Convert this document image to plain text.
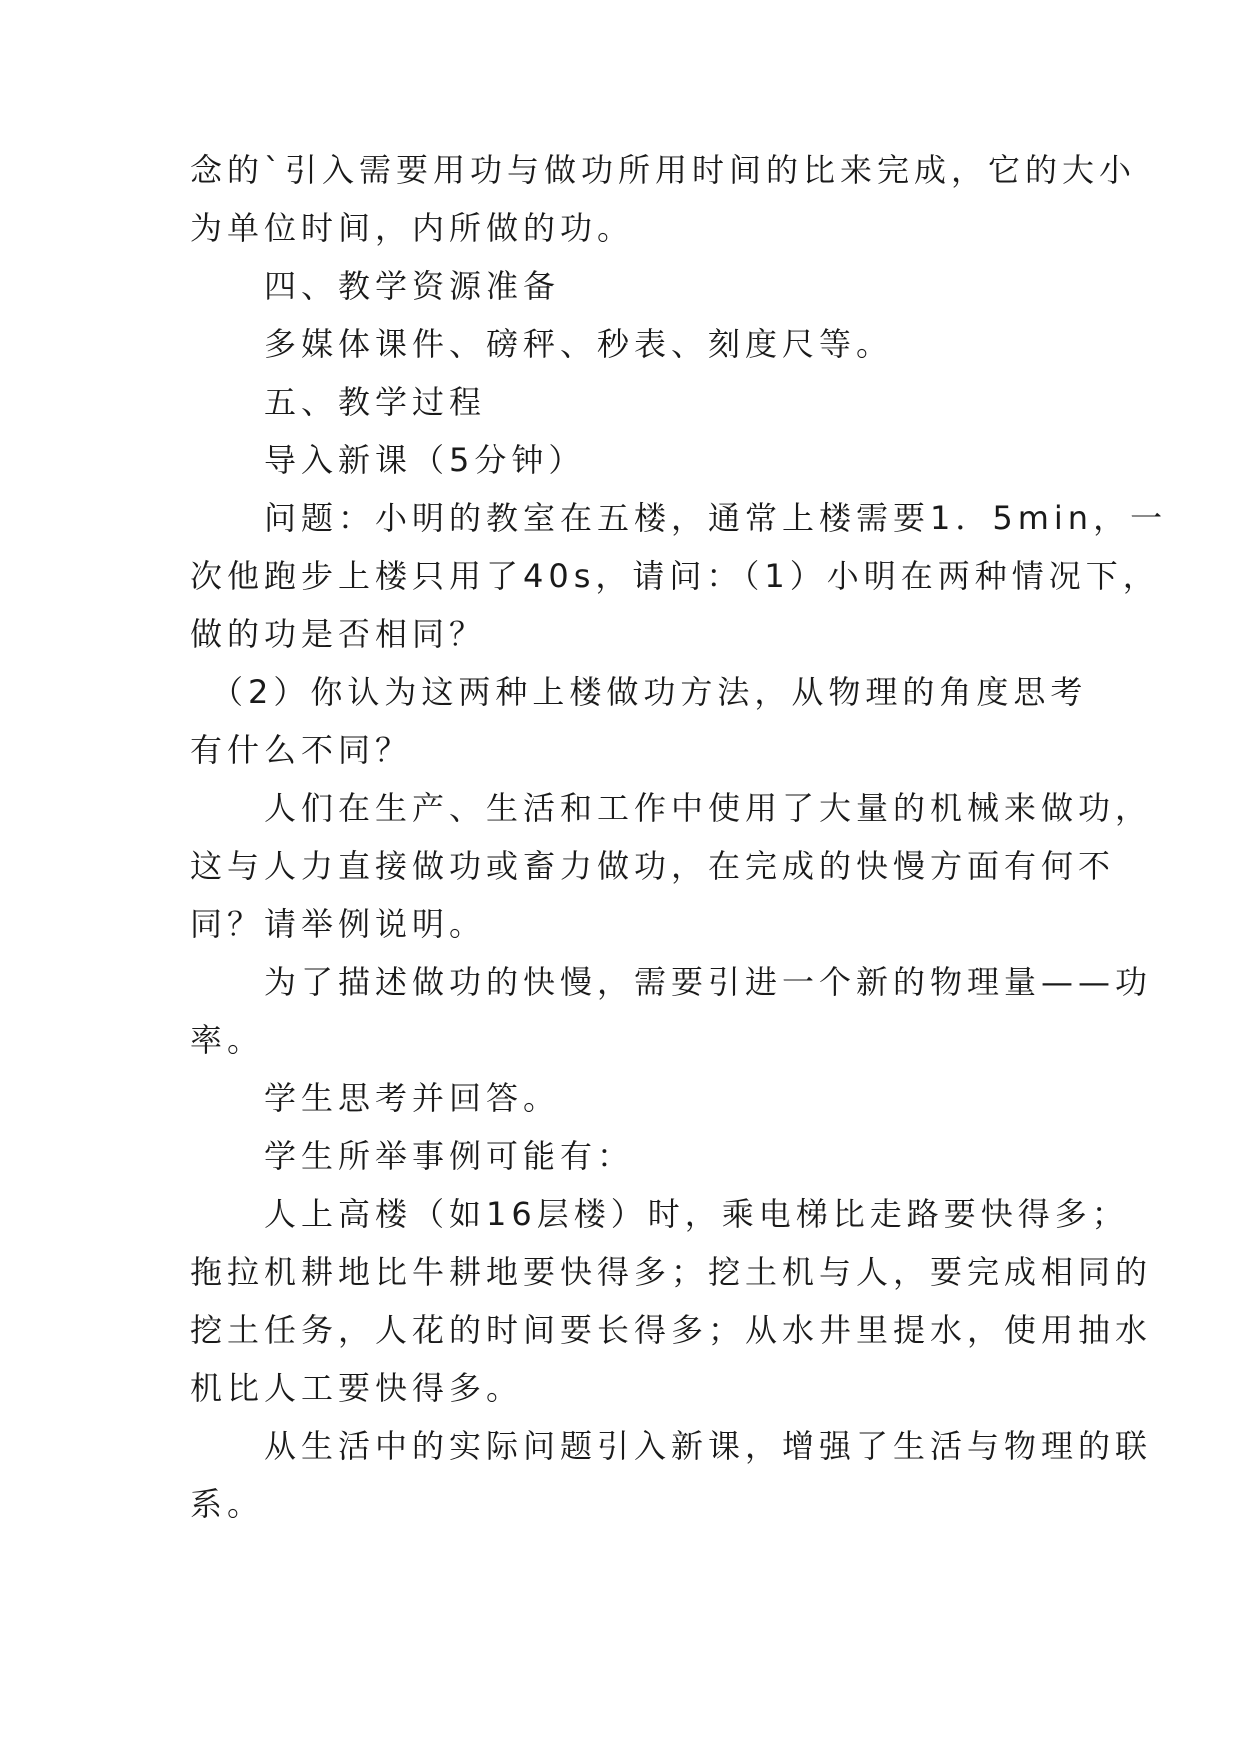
念的`引入需要用功与做功所用时间的比来完成，它的大小

为单位时间，内所做的功。

　　四、教学资源准备

　　多媒体课件、磅秤、秒表、刻度尺等。

　　五、教学过程

　　导入新课（5分钟）

　　问题：小明的教室在五楼，通常上楼需要1．5min，一

次他跑步上楼只用了40s，请问：（1）小明在两种情况下，

做的功是否相同？

　（2）你认为这两种上楼做功方法，从物理的角度思考

有什么不同？

　　人们在生产、生活和工作中使用了大量的机械来做功，

这与人力直接做功或畜力做功，在完成的快慢方面有何不

同？请举例说明。

　　为了描述做功的快慢，需要引进一个新的物理量——功

率。

　　学生思考并回答。

　　学生所举事例可能有：

　　人上高楼（如16层楼）时，乘电梯比走路要快得多；

拖拉机耕地比牛耕地要快得多；挖土机与人，要完成相同的

挖土任务，人花的时间要长得多；从水井里提水，使用抽水

机比人工要快得多。

　　从生活中的实际问题引入新课，增强了生活与物理的联

系。
